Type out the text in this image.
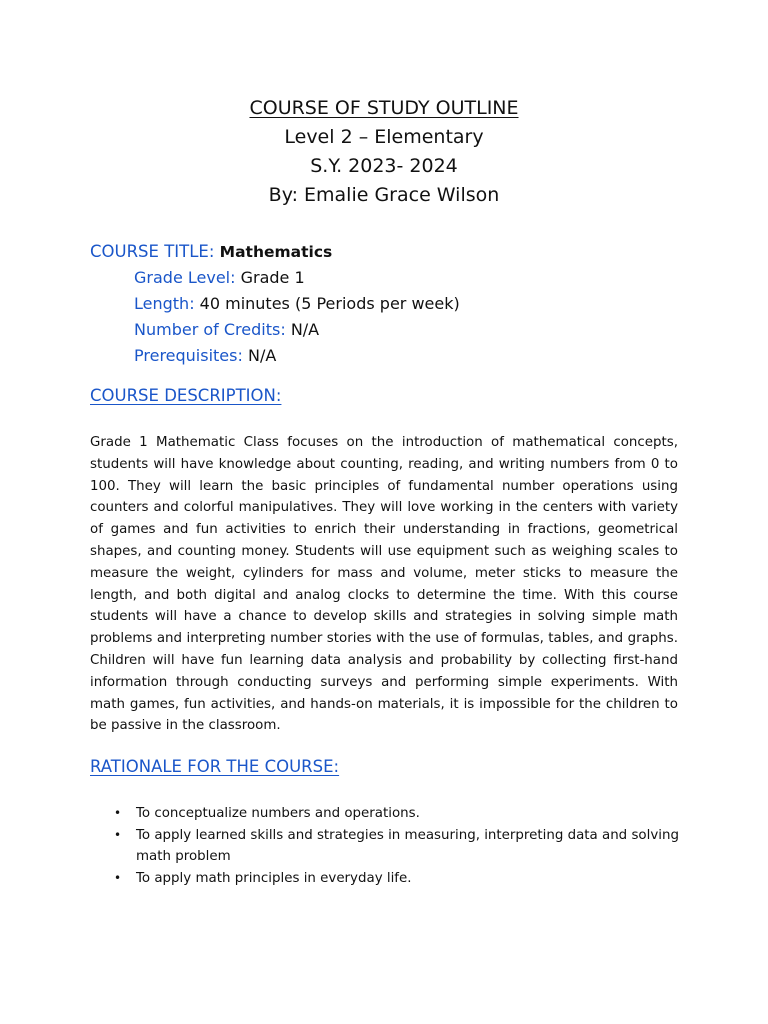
COURSE OF STUDY OUTLINE
Level 2 – Elementary
S.Y. 2023- 2024
By: Emalie Grace Wilson
COURSE TITLE: Mathematics
Grade Level: Grade 1
Length: 40 minutes (5 Periods per week)
Number of Credits: N/A
Prerequisites: N/A
COURSE DESCRIPTION:

Grade 1 Mathematic Class focuses on the introduction of mathematical concepts, students will have knowledge about counting, reading, and writing numbers from 0 to 100. They will learn the basic principles of fundamental number operations using counters and colorful manipulatives. They will love working in the centers with variety of games and fun activities to enrich their understanding in fractions, geometrical shapes, and counting money. Students will use equipment such as weighing scales to measure the weight, cylinders for mass and volume, meter sticks to measure the length, and both digital and analog clocks to determine the time. With this course students will have a chance to develop skills and strategies in solving simple math problems and interpreting number stories with the use of formulas, tables, and graphs. Children will have fun learning data analysis and probability by collecting first-hand information through conducting surveys and performing simple experiments. With math games, fun activities, and hands-on materials, it is impossible for the children to be passive in the classroom.

RATIONALE FOR THE COURSE:
• To conceptualize numbers and operations.
• To apply learned skills and strategies in measuring, interpreting data and solving math problem
• To apply math principles in everyday life.
